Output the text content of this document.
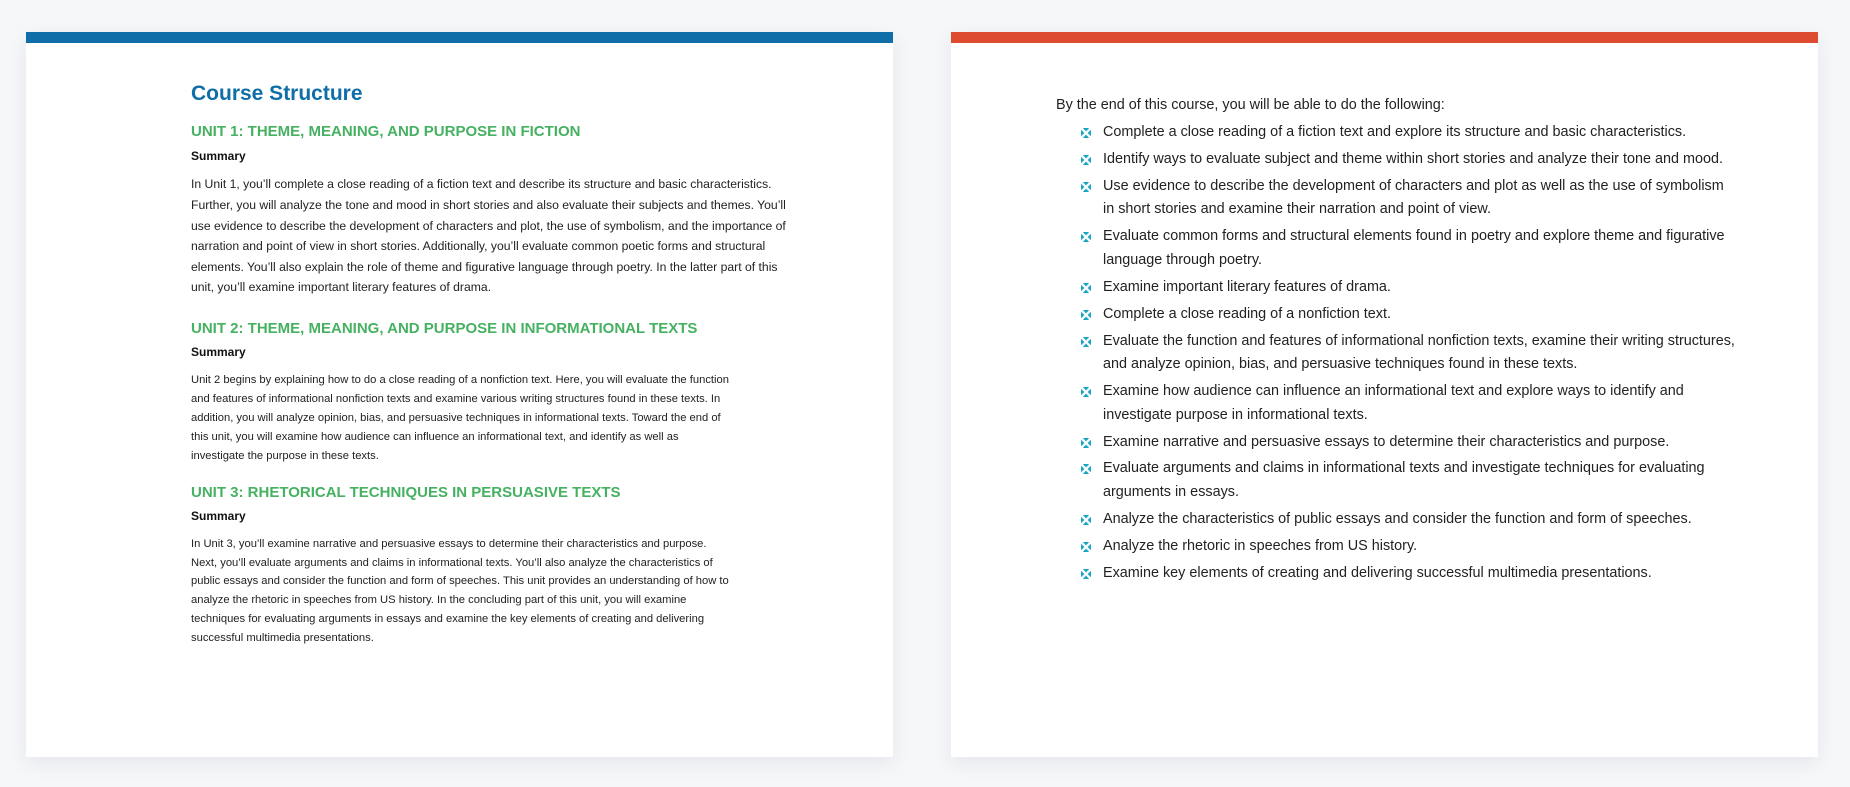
Course Structure
UNIT 1: THEME, MEANING, AND PURPOSE IN FICTION
Summary

In Unit 1, you’ll complete a close reading of a fiction text and describe its structure and basic characteristics. Further, you will analyze the tone and mood in short stories and also evaluate their subjects and themes. You’ll use evidence to describe the development of characters and plot, the use of symbolism, and the importance of narration and point of view in short stories. Additionally, you’ll evaluate common poetic forms and structural elements. You’ll also explain the role of theme and figurative language through poetry. In the latter part of this unit, you’ll examine important literary features of drama.

UNIT 2: THEME, MEANING, AND PURPOSE IN INFORMATIONAL TEXTS
Summary

Unit 2 begins by explaining how to do a close reading of a nonfiction text. Here, you will evaluate the function and features of informational nonfiction texts and examine various writing structures found in these texts. In addition, you will analyze opinion, bias, and persuasive techniques in informational texts. Toward the end of this unit, you will examine how audience can influence an informational text, and identify as well as investigate the purpose in these texts.

UNIT 3: RHETORICAL TECHNIQUES IN PERSUASIVE TEXTS
Summary

In Unit 3, you’ll examine narrative and persuasive essays to determine their characteristics and purpose. Next, you’ll evaluate arguments and claims in informational texts. You’ll also analyze the characteristics of public essays and consider the function and form of speeches. This unit provides an understanding of how to analyze the rhetoric in speeches from US history. In the concluding part of this unit, you will examine techniques for evaluating arguments in essays and examine the key elements of creating and delivering successful multimedia presentations.

By the end of this course, you will be able to do the following:

Complete a close reading of a fiction text and explore its structure and basic characteristics.
Identify ways to evaluate subject and theme within short stories and analyze their tone and mood.
Use evidence to describe the development of characters and plot as well as the use of symbolism in short stories and examine their narration and point of view.
Evaluate common forms and structural elements found in poetry and explore theme and figurative language through poetry.
Examine important literary features of drama.
Complete a close reading of a nonfiction text.
Evaluate the function and features of informational nonfiction texts, examine their writing structures, and analyze opinion, bias, and persuasive techniques found in these texts.
Examine how audience can influence an informational text and explore ways to identify and investigate purpose in informational texts.
Examine narrative and persuasive essays to determine their characteristics and purpose.
Evaluate arguments and claims in informational texts and investigate techniques for evaluating arguments in essays.
Analyze the characteristics of public essays and consider the function and form of speeches.
Analyze the rhetoric in speeches from US history.
Examine key elements of creating and delivering successful multimedia presentations.
